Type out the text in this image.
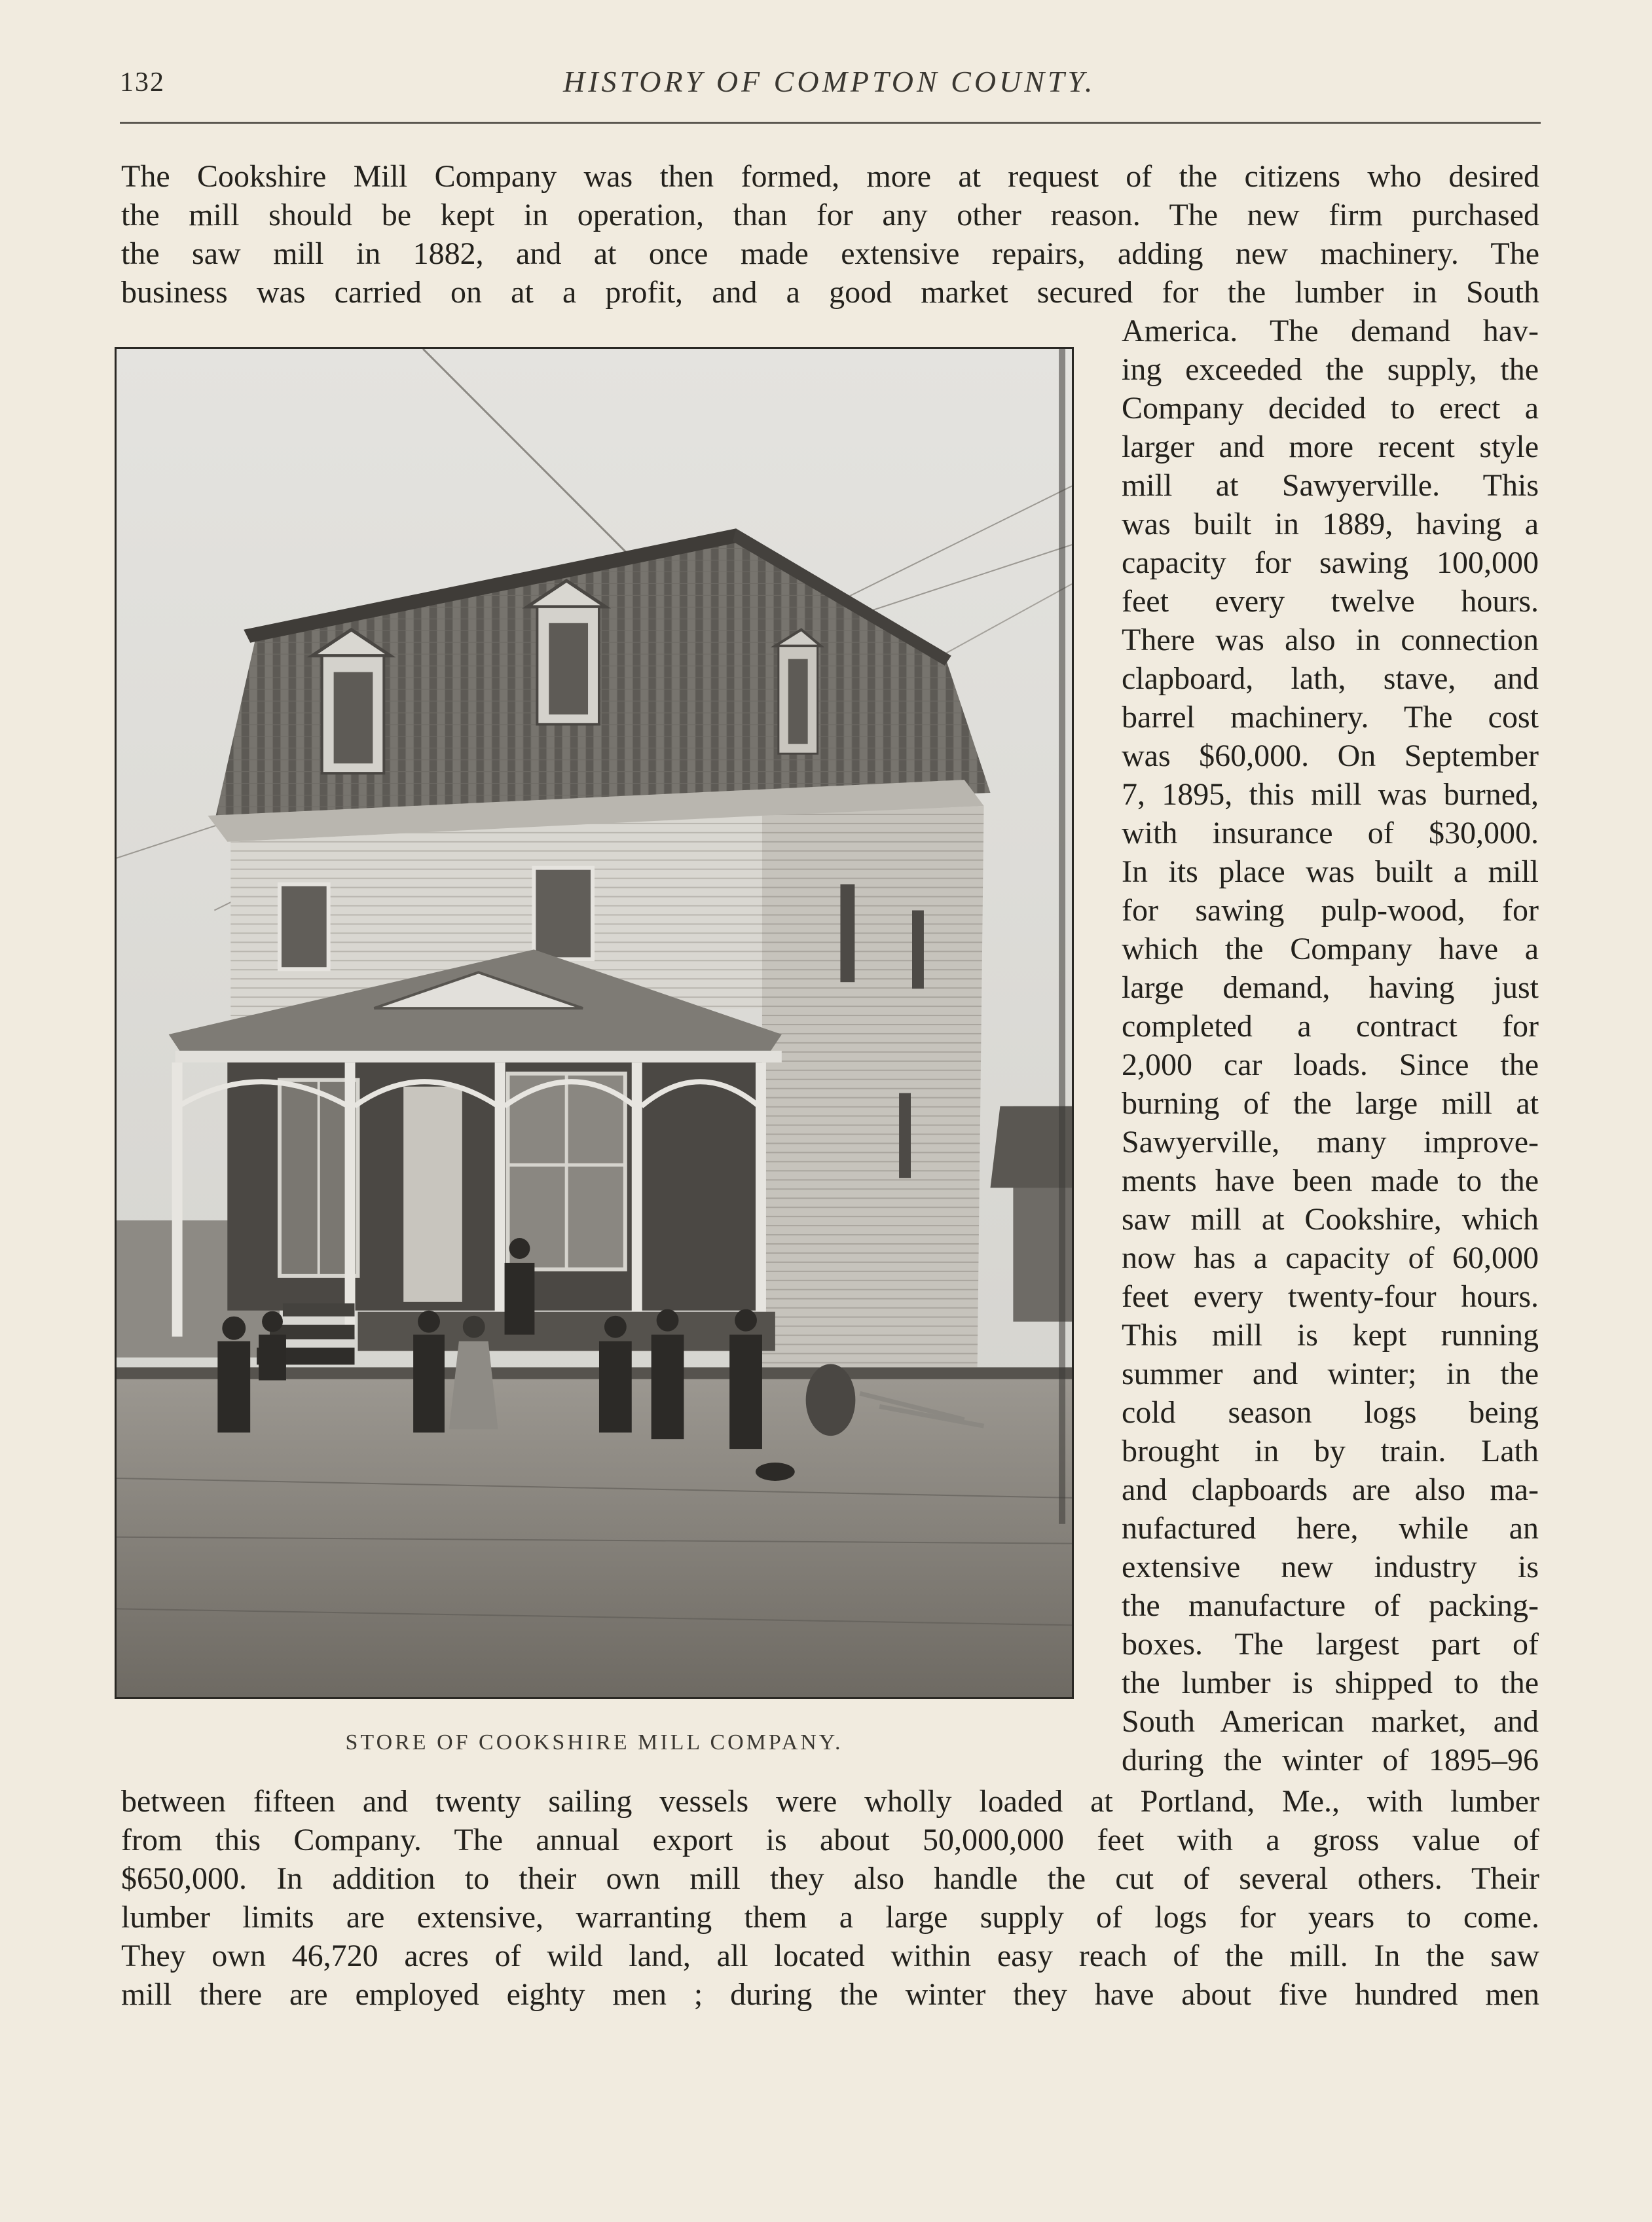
132	HISTORY OF COMPTON COUNTY.
The Cookshire Mill Company was then formed, more at request of the citizens who desired
the mill should be kept in operation, than for any other reason. The new firm purchased
the saw mill in 1882, and at once made extensive repairs, adding new machinery. The
business was carried on at a profit, and a good market secured for the lumber in South
STORE OF COOKSHIRE MILL COMPANY.
America. The demand hav-
ing exceeded the supply, the
Company decided to erect a
larger and more recent style
mill at Sawyerville. This
was built in 1889, having a
capacity for sawing 100,000
feet every twelve hours.
There was also in connection
clapboard, lath, stave, and
barrel machinery. The cost
was $60,000. On September
7, 1895, this mill was burned,
with insurance of $30,000.
In its place was built a mill
for sawing pulp-wood, for
which the Company have a
large demand, having just
completed a contract for
2,000 car loads. Since the
burning of the large mill at
Sawyerville, many improve-
ments have been made to the
saw mill at Cookshire, which
now has a capacity of 60,000
feet every twenty-four hours.
This mill is kept running
summer and winter; in the
cold season logs being
brought in by train. Lath
and clapboards are also ma-
nufactured here, while an
extensive new industry is
the manufacture of packing-
boxes. The largest part of
the lumber is shipped to the
South American market, and
during the winter of 1895–96
between fifteen and twenty sailing vessels were wholly loaded at Portland, Me., with lumber
from this Company. The annual export is about 50,000,000 feet with a gross value of
$650,000. In addition to their own mill they also handle the cut of several others. Their
lumber limits are extensive, warranting them a large supply of logs for years to come.
They own 46,720 acres of wild land, all located within easy reach of the mill. In the saw
mill there are employed eighty men ; during the winter they have about five hundred men
